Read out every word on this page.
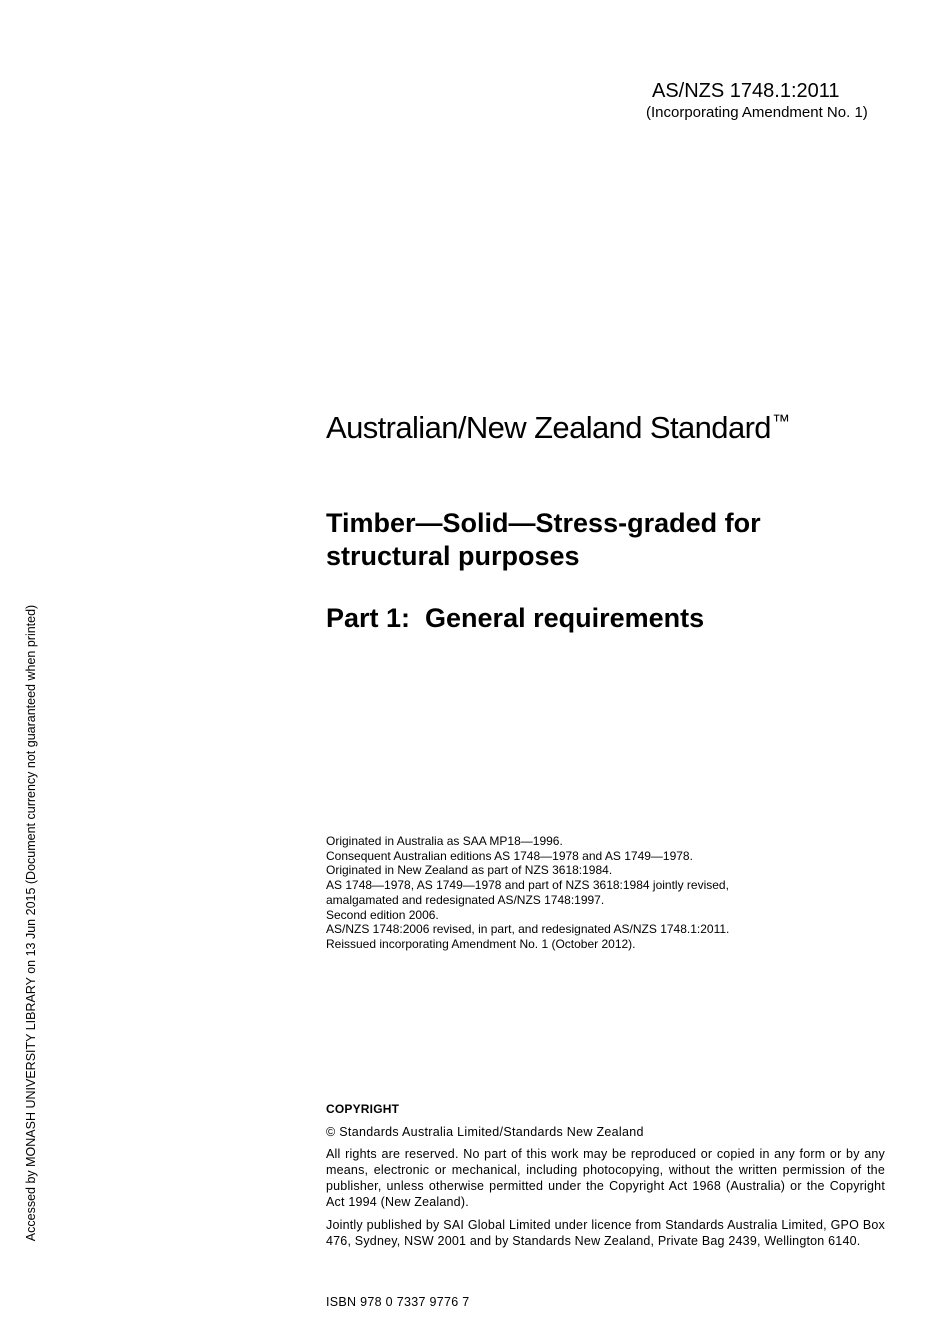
AS/NZS 1748.1:2011
(Incorporating Amendment No. 1)
Australian/New Zealand Standard™
Timber—Solid—Stress-graded for structural purposes
Part 1:  General requirements
Originated in Australia as SAA MP18—1996.
Consequent Australian editions AS 1748—1978 and AS 1749—1978.
Originated in New Zealand as part of NZS 3618:1984.
AS 1748—1978, AS 1749—1978 and part of NZS 3618:1984 jointly revised,
amalgamated and redesignated AS/NZS 1748:1997.
Second edition 2006.
AS/NZS 1748:2006 revised, in part, and redesignated AS/NZS 1748.1:2011.
Reissued incorporating Amendment No. 1 (October 2012).
COPYRIGHT
© Standards Australia Limited/Standards New Zealand

All rights are reserved. No part of this work may be reproduced or copied in any form or by any means, electronic or mechanical, including photocopying, without the written permission of the publisher, unless otherwise permitted under the Copyright Act 1968 (Australia) or the Copyright Act 1994 (New Zealand).

Jointly published by SAI Global Limited under licence from Standards Australia Limited, GPO Box 476, Sydney, NSW 2001 and by Standards New Zealand, Private Bag 2439, Wellington 6140.

ISBN 978 0 7337 9776 7
Accessed by MONASH UNIVERSITY LIBRARY on 13 Jun 2015 (Document currency not guaranteed when printed)
